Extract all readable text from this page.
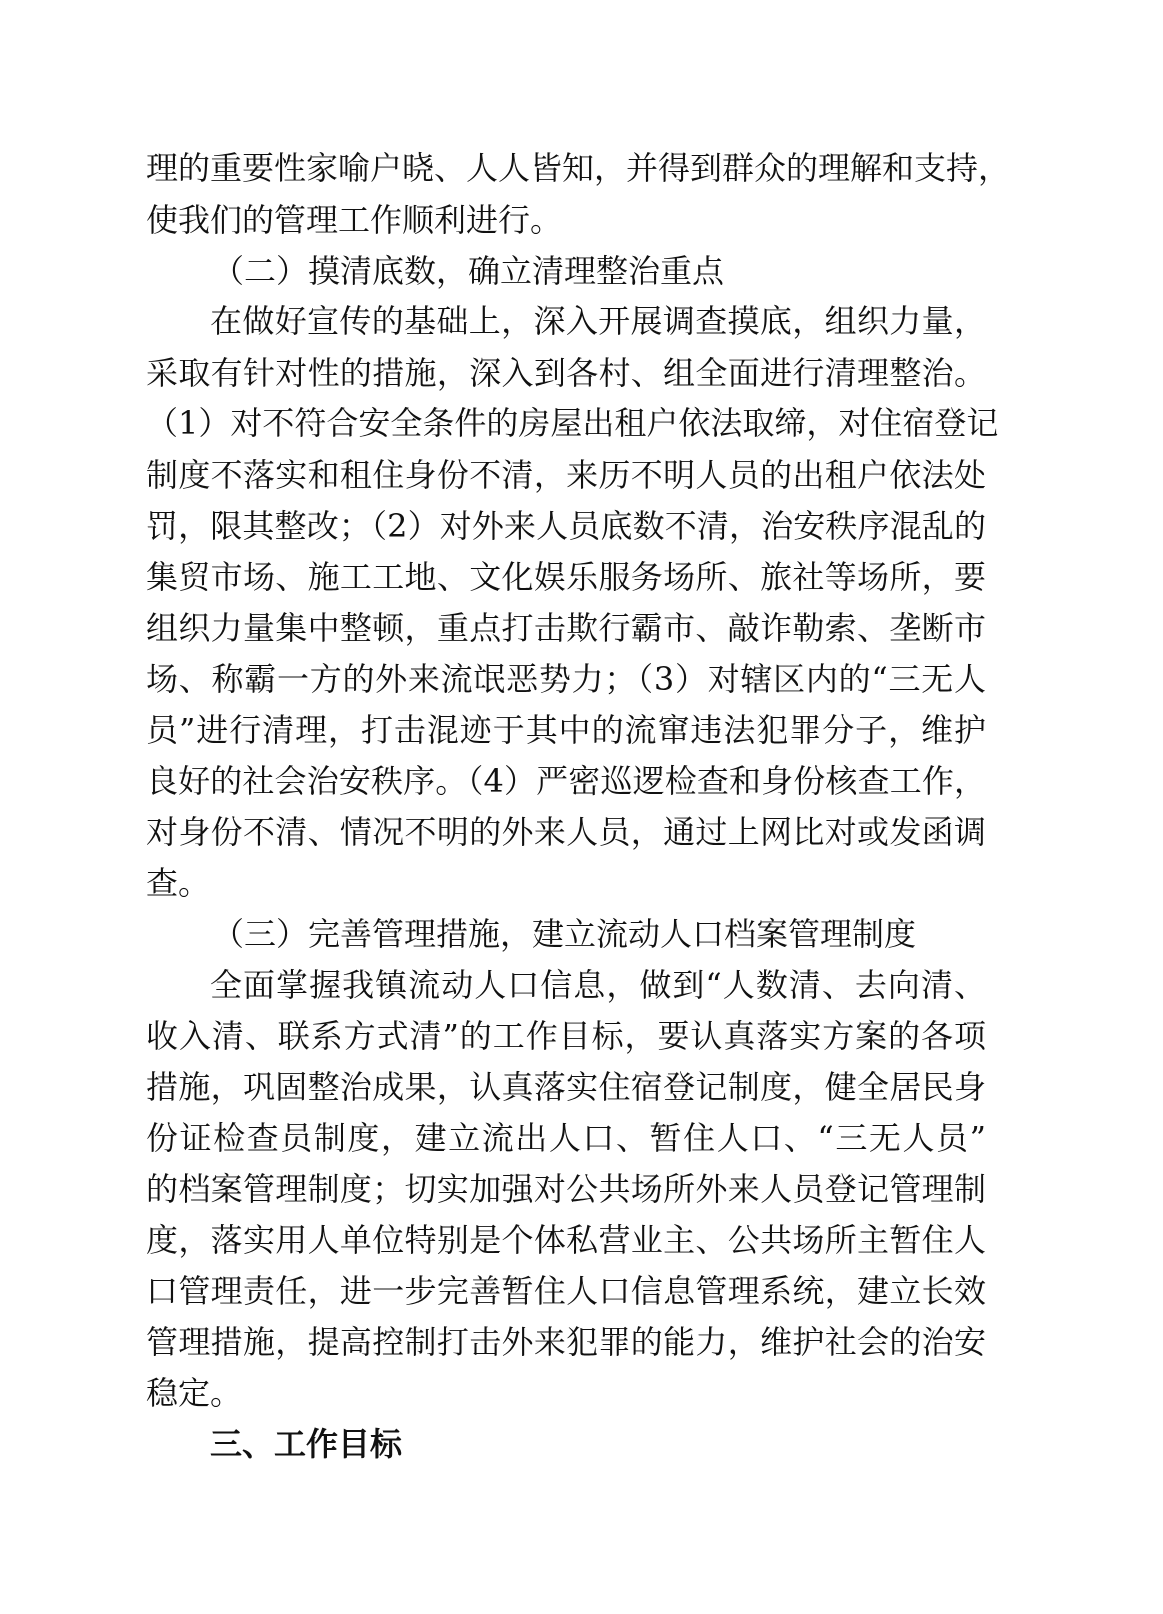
理的重要性家喻户晓、人人皆知，并得到群众的理解和支持，
使我们的管理工作顺利进行。
（二）摸清底数，确立清理整治重点
在做好宣传的基础上，深入开展调查摸底，组织力量，
采取有针对性的措施，深入到各村、组全面进行清理整治。
（1）对不符合安全条件的房屋出租户依法取缔，对住宿登记
制度不落实和租住身份不清，来历不明人员的出租户依法处
罚，限其整改；（2）对外来人员底数不清，治安秩序混乱的
集贸市场、施工工地、文化娱乐服务场所、旅社等场所，要
组织力量集中整顿，重点打击欺行霸市、敲诈勒索、垄断市
场、称霸一方的外来流氓恶势力；（3）对辖区内的“三无人
员”进行清理，打击混迹于其中的流窜违法犯罪分子，维护
良好的社会治安秩序。（4）严密巡逻检查和身份核查工作，
对身份不清、情况不明的外来人员，通过上网比对或发函调
查。
（三）完善管理措施，建立流动人口档案管理制度
全面掌握我镇流动人口信息，做到“人数清、去向清、
收入清、联系方式清”的工作目标，要认真落实方案的各项
措施，巩固整治成果，认真落实住宿登记制度，健全居民身
份证检查员制度，建立流出人口、暂住人口、“三无人员”
的档案管理制度；切实加强对公共场所外来人员登记管理制
度，落实用人单位特别是个体私营业主、公共场所主暂住人
口管理责任，进一步完善暂住人口信息管理系统，建立长效
管理措施，提高控制打击外来犯罪的能力，维护社会的治安
稳定。
三、工作目标
